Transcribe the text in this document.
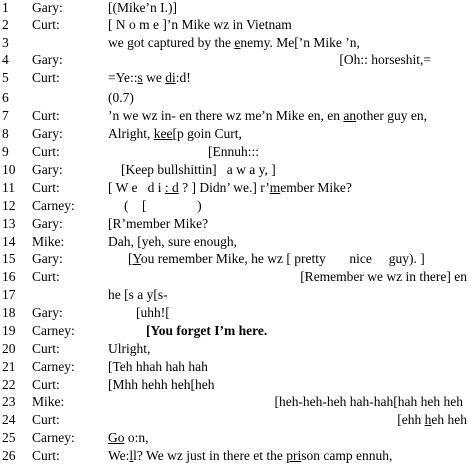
1 Gary:	[(Mike’n I.)]
2 Curt:	[ N o m e ]’n Mike wz in Vietnam
3	we got captured by the enemy. Me[’n Mike ’n,
4 Gary:	[Oh:: horseshit,=
5 Curt:	=Ye::s we di:d!
6	(0.7)
7 Curt:	’n we wz in- en there wz me’n Mike en, en another guy en,
8 Gary:	Alright, kee[p goin Curt,
9 Curt:	[Ennuh:::
10 Gary:	[Keep bullshittin]   a w a y, ]
11 Curt:	[ W e   d i : d ? ] Didn’ we.] r’member Mike?
12 Carney:	(    [               )
13 Gary:	[R’member Mike?
14 Mike:	Dah, [yeh, sure enough,
15 Gary:	[You remember Mike, he wz [ pretty       nice     guy). ]
16 Curt:	[Remember we wz in there] en
17	he [s a y[s-
18 Gary:	[uhh![
19 Carney:	[You forget I’m here.
20 Curt:	Ulright,
21 Carney: [Teh hhah hah hah
22 Curt:	[Mhh hehh heh[heh
23 Mike:	[heh-heh-heh hah-hah[hah heh heh
24 Curt:	[ehh heh heh
25 Carney: Go o:n,
26 Curt:	We:ll? We wz just in there et the prison camp ennuh,
